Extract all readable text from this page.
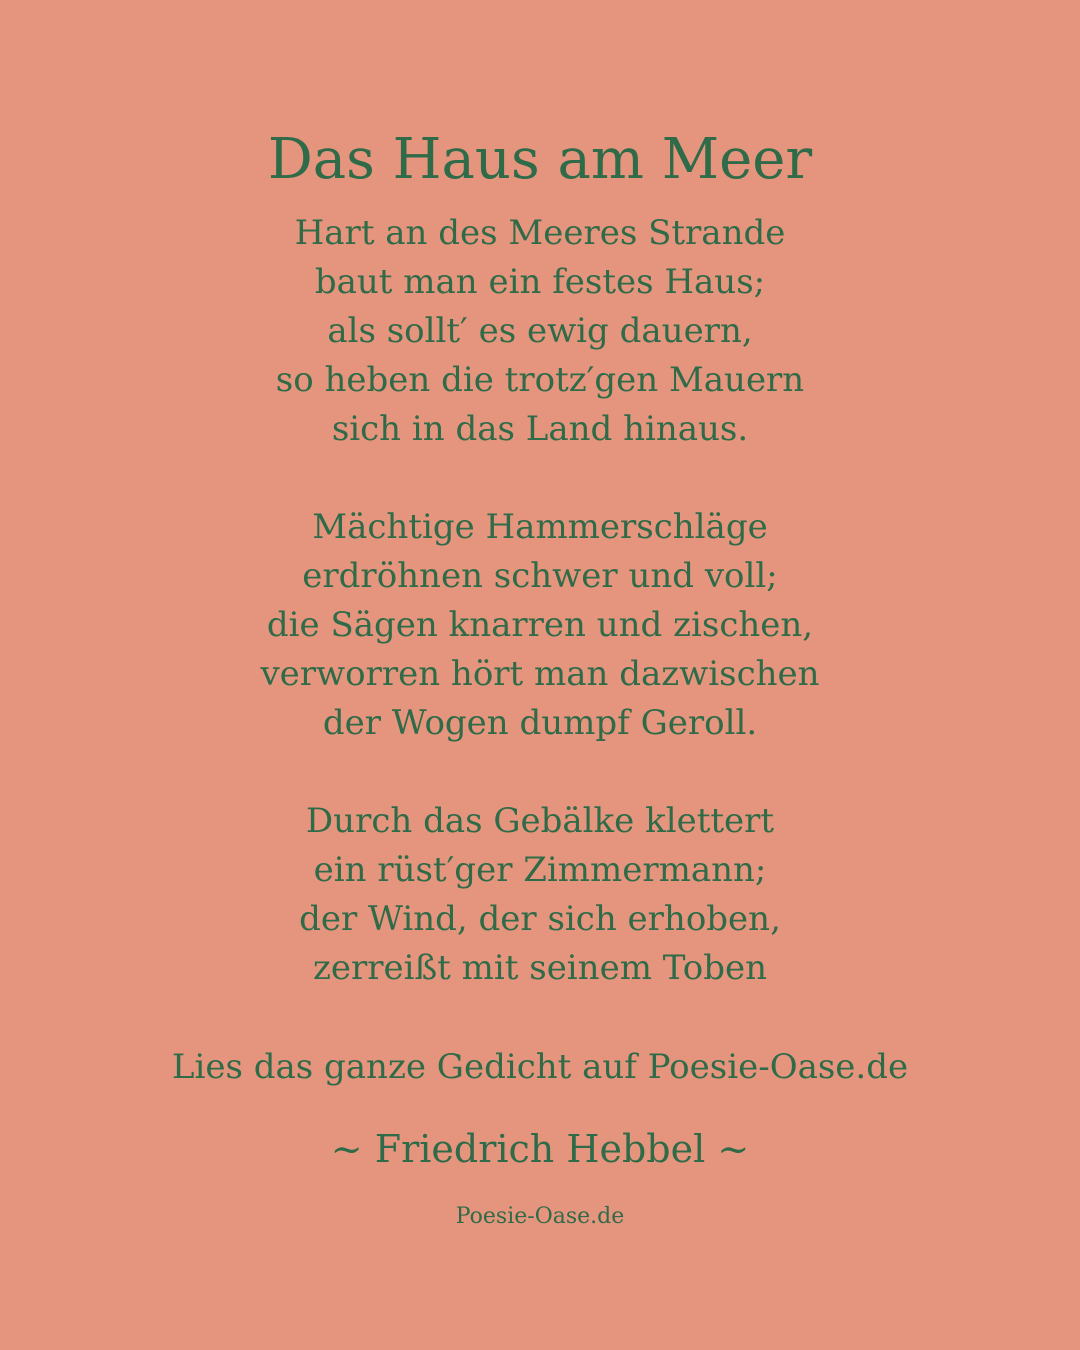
Das Haus am Meer
Hart an des Meeres Strande
baut man ein festes Haus;
als sollt′ es ewig dauern,
so heben die trotz′gen Mauern
sich in das Land hinaus.
Mächtige Hammerschläge
erdröhnen schwer und voll;
die Sägen knarren und zischen,
verworren hört man dazwischen
der Wogen dumpf Geroll.
Durch das Gebälke klettert
ein rüst′ger Zimmermann;
der Wind, der sich erhoben,
zerreißt mit seinem Toben
Lies das ganze Gedicht auf Poesie-Oase.de
~ Friedrich Hebbel ~
Poesie-Oase.de
